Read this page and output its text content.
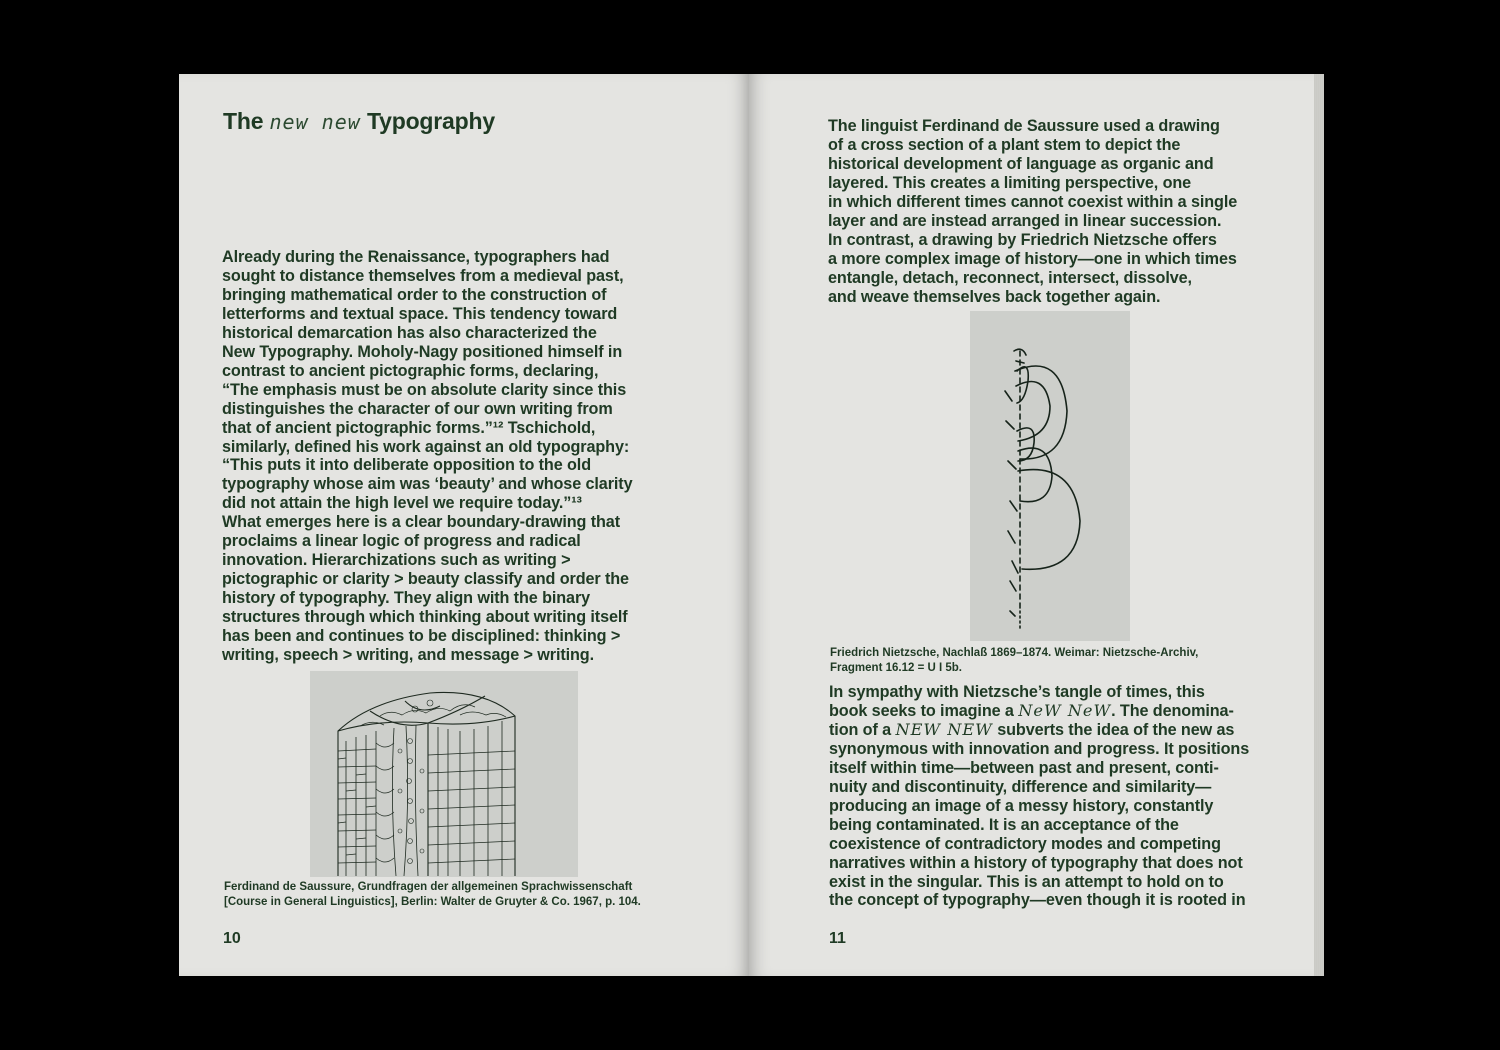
The new new Typography

Already during the Renaissance, typographers had
sought to distance themselves from a medieval past,
bringing mathematical order to the construction of
letterforms and textual space. This tendency toward
historical demarcation has also characterized the
New Typography. Moholy-Nagy positioned himself in
contrast to ancient pictographic forms, declaring,
“The emphasis must be on absolute clarity since this
distinguishes the character of our own writing from
that of ancient pictographic forms.”¹² Tschichold,
similarly, defined his work against an old typography:
“This puts it into deliberate opposition to the old
typography whose aim was ‘beauty’ and whose clarity
did not attain the high level we require today.”¹³
What emerges here is a clear boundary-drawing that
proclaims a linear logic of progress and radical
innovation. Hierarchizations such as writing >
pictographic or clarity > beauty classify and order the
history of typography. They align with the binary
structures through which thinking about writing itself
has been and continues to be disciplined: thinking >
writing, speech > writing, and message > writing.

Ferdinand de Saussure, Grundfragen der allgemeinen Sprachwissenschaft
[Course in General Linguistics], Berlin: Walter de Gruyter & Co. 1967, p. 104.

10

The linguist Ferdinand de Saussure used a drawing
of a cross section of a plant stem to depict the
historical development of language as organic and
layered. This creates a limiting perspective, one
in which different times cannot coexist within a single
layer and are instead arranged in linear succession.
In contrast, a drawing by Friedrich Nietzsche offers
a more complex image of history—one in which times
entangle, detach, reconnect, intersect, dissolve,
and weave themselves back together again.

Friedrich Nietzsche, Nachlaß 1869–1874. Weimar: Nietzsche-Archiv,
Fragment 16.12 = U I 5b.

In sympathy with Nietzsche’s tangle of times, this
book seeks to imagine a NeW NeW. The denomina-
tion of a NEW NEW subverts the idea of the new as
synonymous with innovation and progress. It positions
itself within time—between past and present, conti-
nuity and discontinuity, difference and similarity—
producing an image of a messy history, constantly
being contaminated. It is an acceptance of the
coexistence of contradictory modes and competing
narratives within a history of typography that does not
exist in the singular. This is an attempt to hold on to
the concept of typography—even though it is rooted in

11
